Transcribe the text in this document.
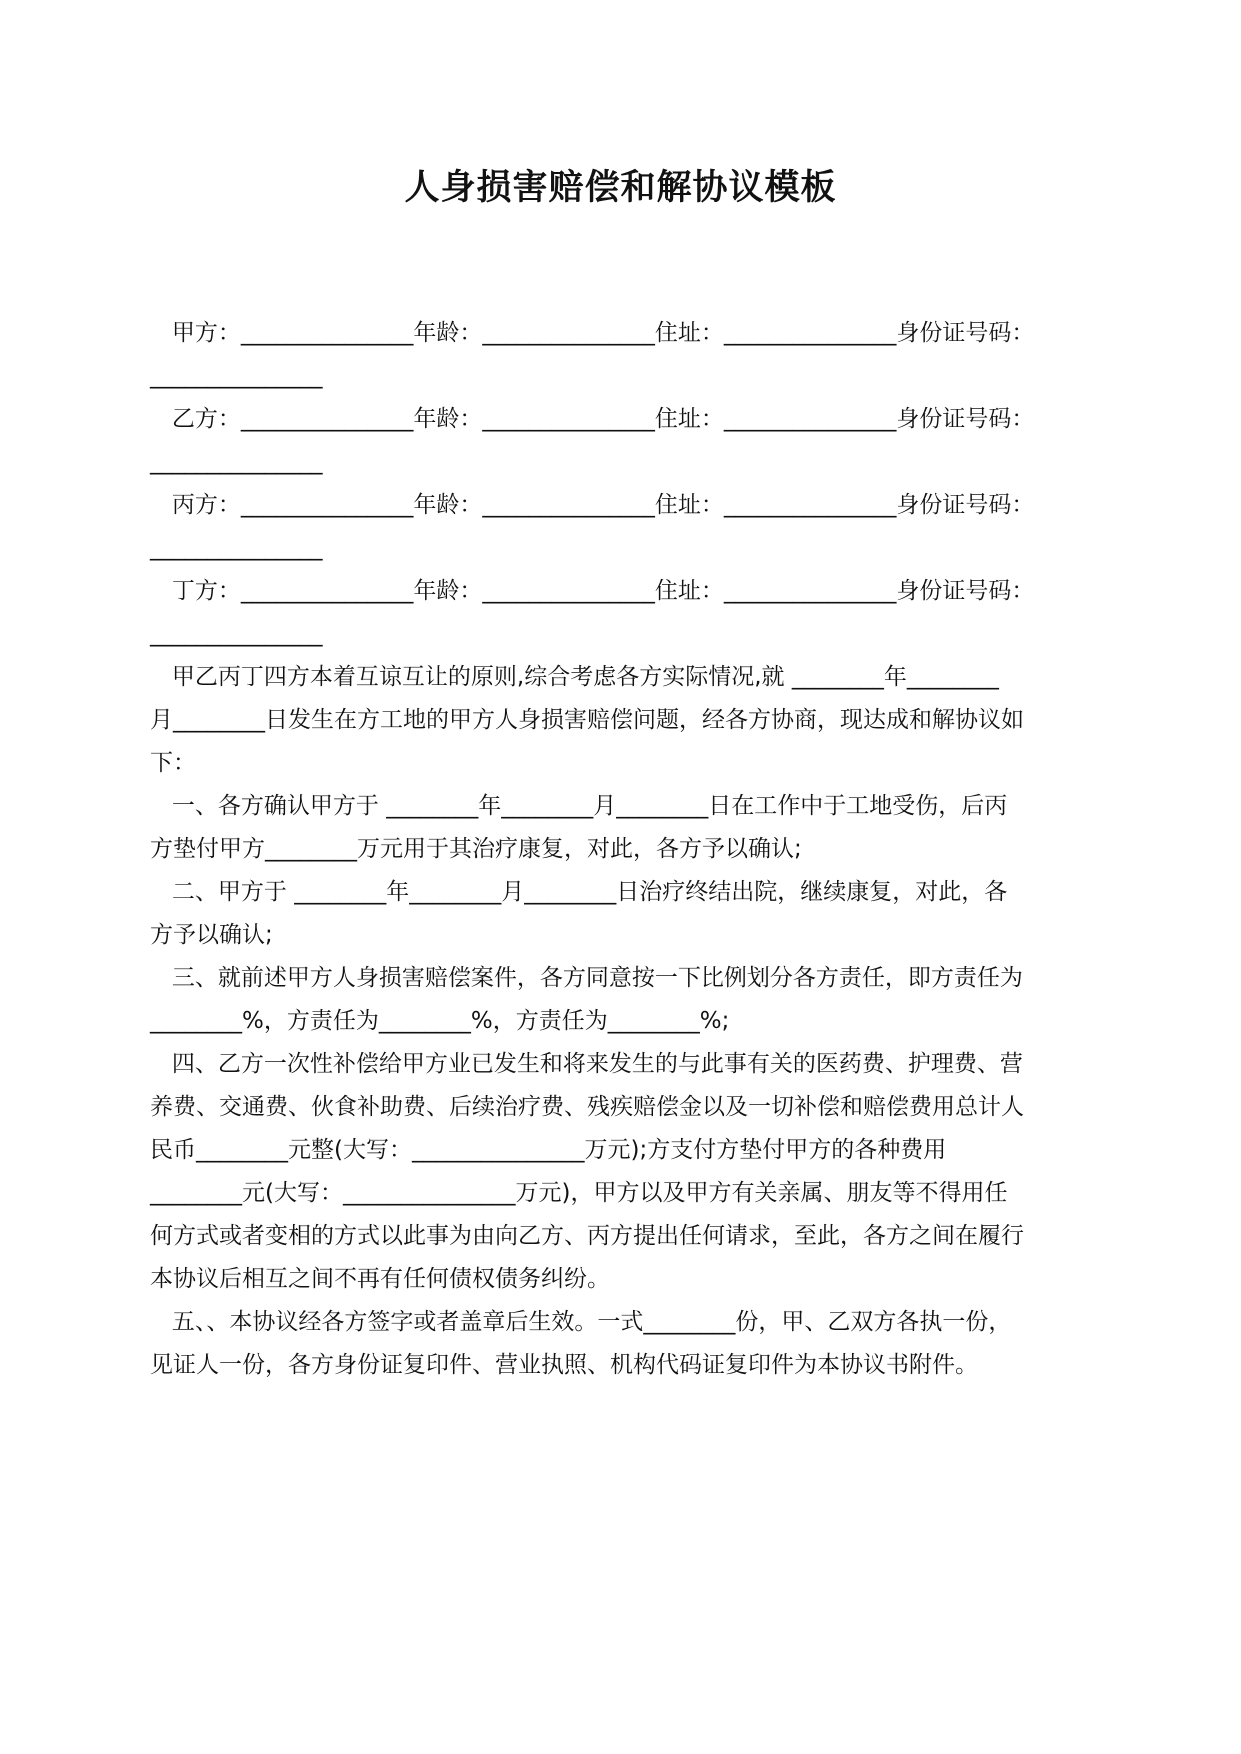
人身损害赔偿和解协议模板
甲方：_______________年龄：_______________住址：_______________身份证号码：
_______________
乙方：_______________年龄：_______________住址：_______________身份证号码：
_______________
丙方：_______________年龄：_______________住址：_______________身份证号码：
_______________
丁方：_______________年龄：_______________住址：_______________身份证号码：
_______________
甲乙丙丁四方本着互谅互让的原则,综合考虑各方实际情况,就 ________年________
月________日发生在方工地的甲方人身损害赔偿问题，经各方协商，现达成和解协议如
下：
一、各方确认甲方于 ________年________月________日在工作中于工地受伤，后丙
方垫付甲方________万元用于其治疗康复，对此，各方予以确认;
二、甲方于 ________年________月________日治疗终结出院，继续康复，对此，各
方予以确认;
三、就前述甲方人身损害赔偿案件，各方同意按一下比例划分各方责任，即方责任为
________%，方责任为________%，方责任为________%;
四、乙方一次性补偿给甲方业已发生和将来发生的与此事有关的医药费、护理费、营
养费、交通费、伙食补助费、后续治疗费、残疾赔偿金以及一切补偿和赔偿费用总计人
民币________元整(大写：_______________万元);方支付方垫付甲方的各种费用
________元(大写：_______________万元)，甲方以及甲方有关亲属、朋友等不得用任
何方式或者变相的方式以此事为由向乙方、丙方提出任何请求，至此，各方之间在履行
本协议后相互之间不再有任何债权债务纠纷。
五、、本协议经各方签字或者盖章后生效。一式________份，甲、乙双方各执一份，
见证人一份，各方身份证复印件、营业执照、机构代码证复印件为本协议书附件。
